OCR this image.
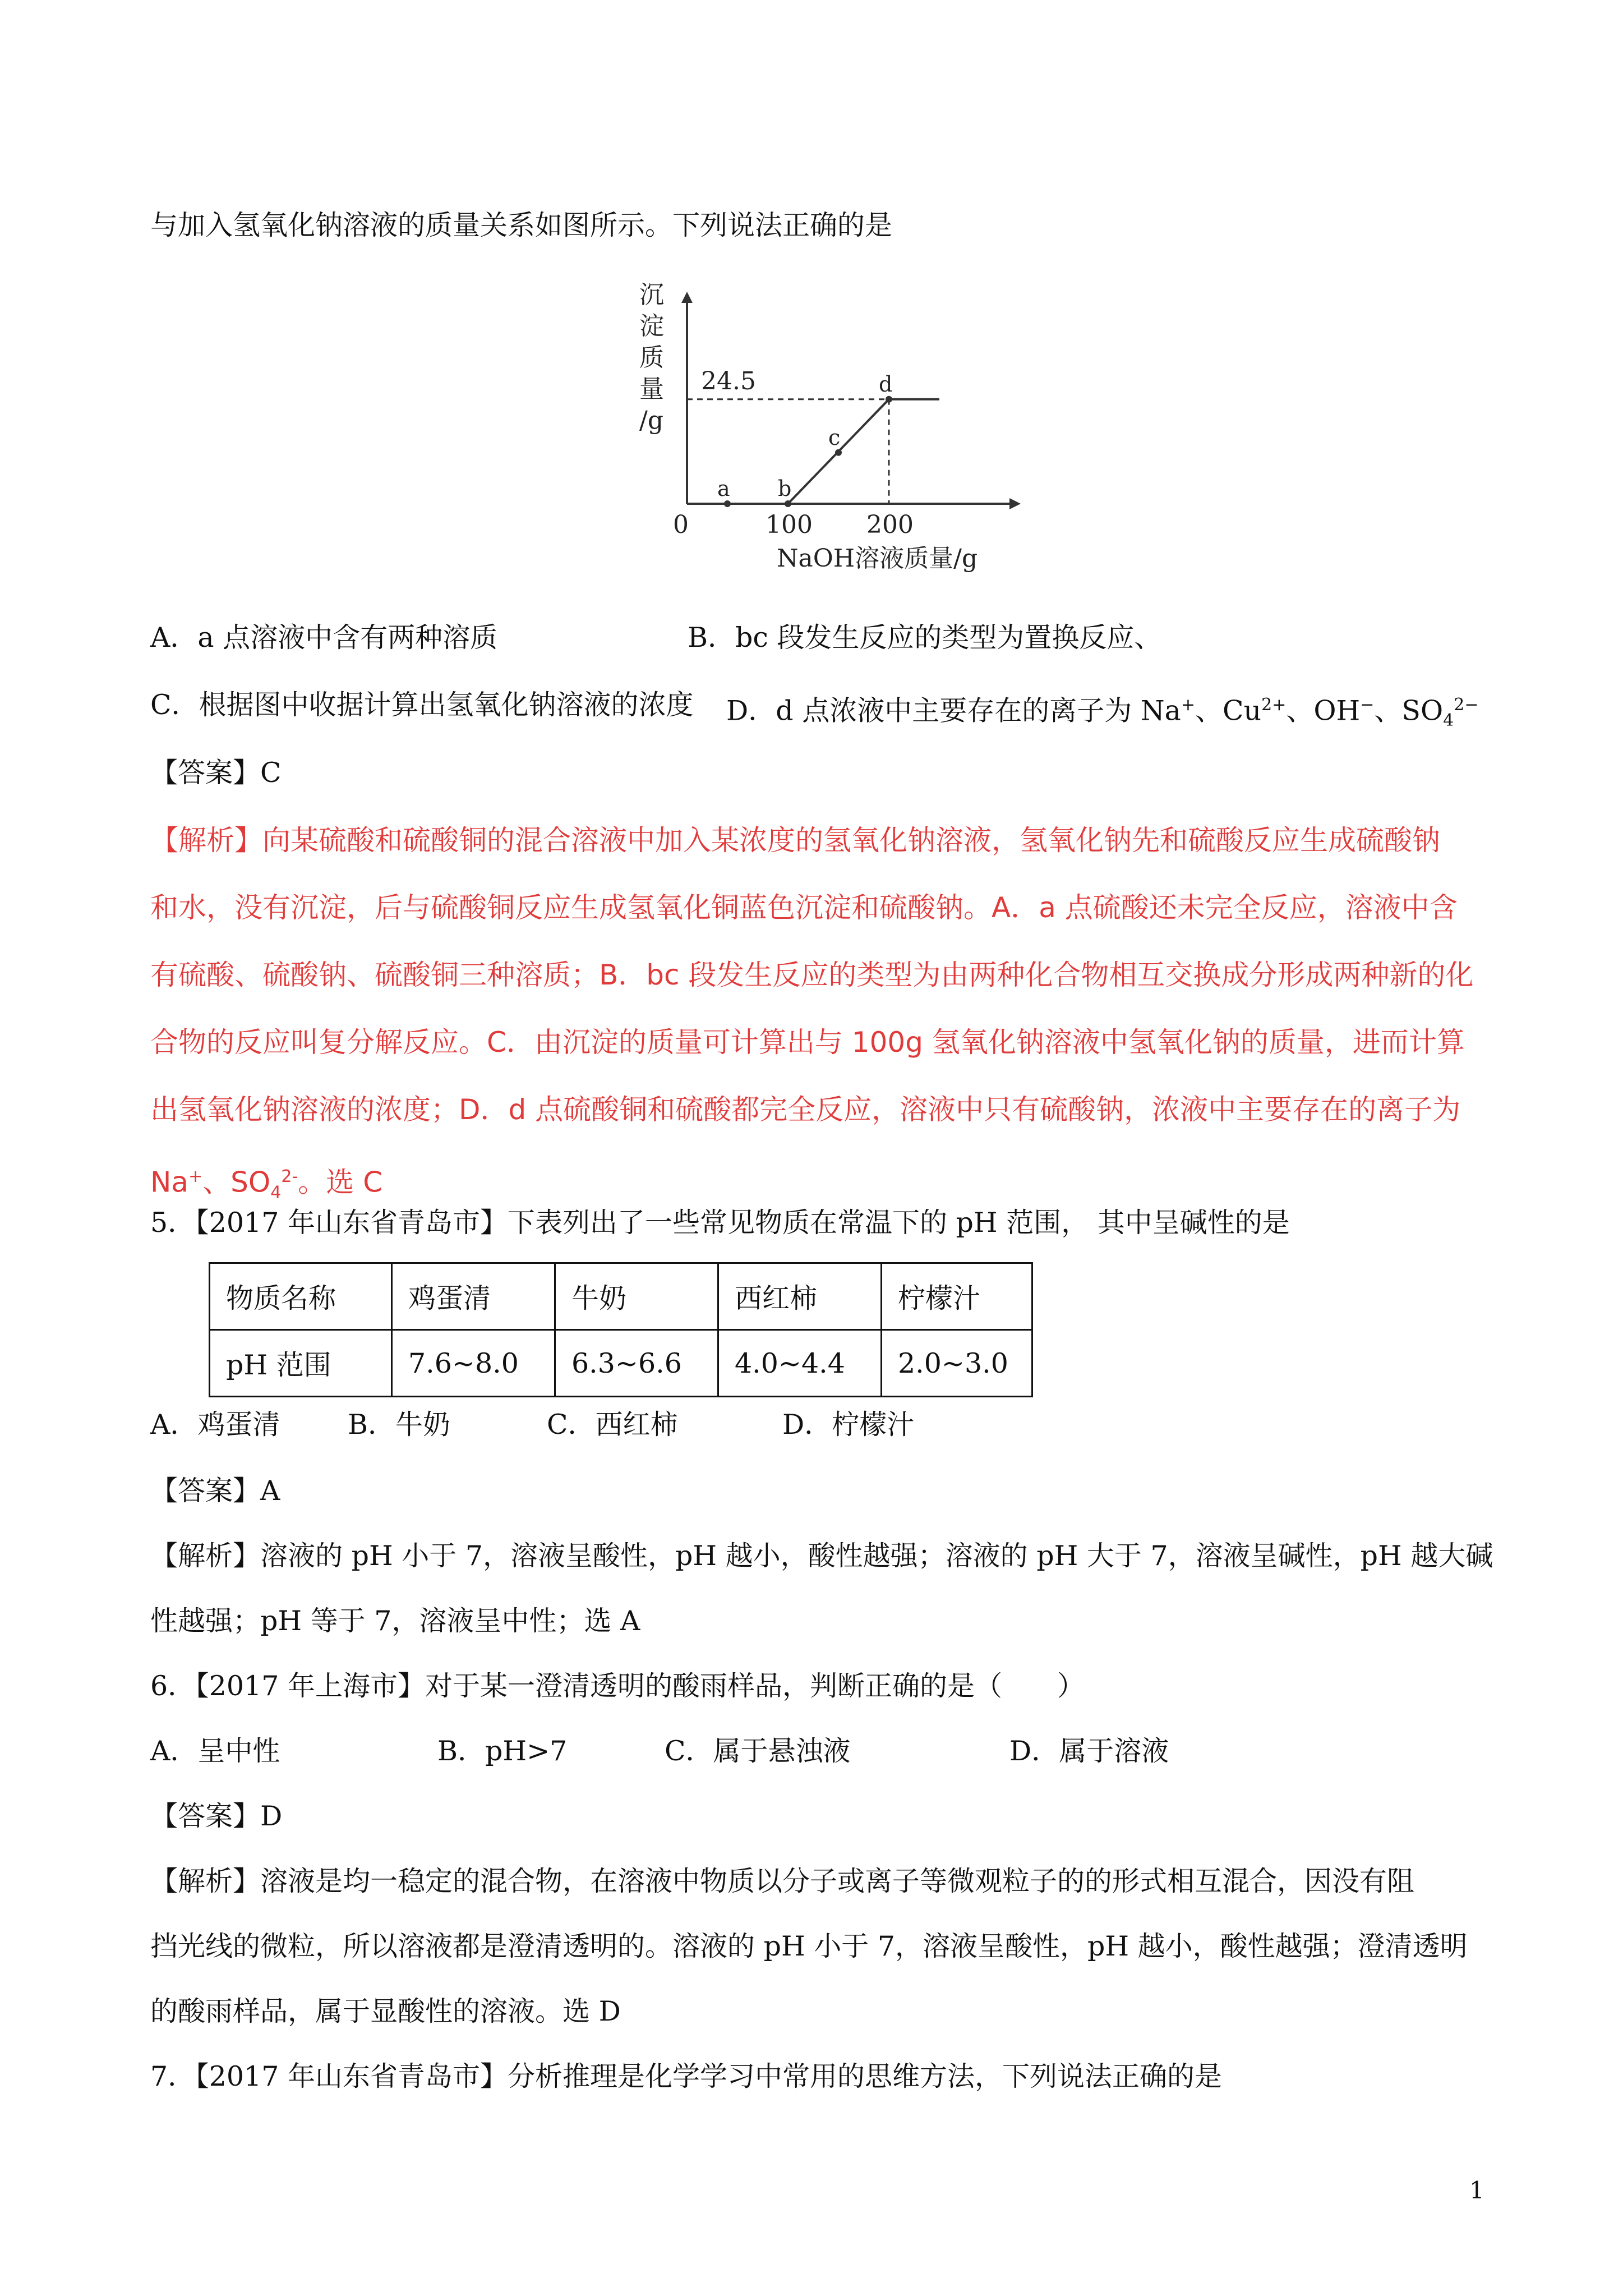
与加入氢氧化钠溶液的质量关系如图所示。下列说法正确的是
沉
淀
质
量
/g
24.5
100 200
a b
c
d
0
NaOH溶液质量/g
A．a 点溶液中含有两种溶质	B．bc 段发生反应的类型为置换反应、
C．根据图中收据计算出氢氧化钠溶液的浓度 D．d 点浓液中主要存在的离子为 Na+、$Cu^{2+}$、OH−、$SO_4^{2-}$
【答案】C
【解析】向某硫酸和硫酸铜的混合溶液中加入某浓度的氢氧化钠溶液，氢氧化钠先和硫酸反应生成硫酸钠
和水，没有沉淀，后与硫酸铜反应生成氢氧化铜蓝色沉淀和硫酸钠。A．a 点硫酸还未完全反应，溶液中含
有硫酸、硫酸钠、硫酸铜三种溶质；B．bc 段发生反应的类型为由两种化合物相互交换成分形成两种新的化
合物的反应叫复分解反应。C．由沉淀的质量可计算出与 100g 氢氧化钠溶液中氢氧化钠的质量，进而计算
出氢氧化钠溶液的浓度；D．d 点硫酸铜和硫酸都完全反应，溶液中只有硫酸钠，浓液中主要存在的离子为
Na+、$SO_4^{2-}$。选 C
5．【2017 年山东省青岛市】下表列出了一些常见物质在常温下的 pH 范围， 其中呈碱性的是
物质名称	鸡蛋清	牛奶	西红柿	柠檬汁
pH 范围	7.6~8.0	6.3~6.6	4.0~4.4	2.0~3.0
A．鸡蛋清 B．牛奶	C．西红柿	D．柠檬汁
【答案】A
【解析】溶液的 pH 小于 7，溶液呈酸性，pH 越小，酸性越强；溶液的 pH 大于 7，溶液呈碱性，pH 越大碱
性越强；pH 等于 7，溶液呈中性；选 A
6．【2017 年上海市】对于某一澄清透明的酸雨样品，判断正确的是（　　）
A．呈中性	B．pH>7	C．属于悬浊液	D．属于溶液
【答案】D
【解析】溶液是均一稳定的混合物，在溶液中物质以分子或离子等微观粒子的的形式相互混合，因没有阻
挡光线的微粒，所以溶液都是澄清透明的。溶液的 pH 小于 7，溶液呈酸性，pH 越小，酸性越强；澄清透明
的酸雨样品，属于显酸性的溶液。选 D
7．【2017 年山东省青岛市】分析推理是化学学习中常用的思维方法，下列说法正确的是
1
